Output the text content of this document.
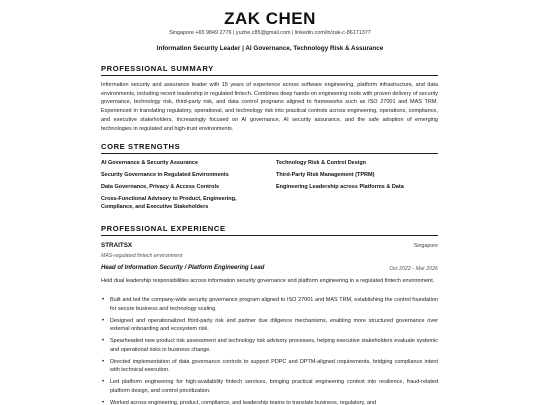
ZAK CHEN
Singapore +65 9849 2776 | yuzhe.c85@gmail.com | linkedin.com/in/zak-c-86171377
Information Security Leader | AI Governance, Technology Risk & Assurance
PROFESSIONAL SUMMARY
Information security and assurance leader with 15 years of experience across software engineering, platform infrastructure, and data environments, including recent leadership in regulated fintech. Combines deep hands-on engineering roots with proven delivery of security governance, technology risk, third-party risk, and data control programs aligned to frameworks such as ISO 27001 and MAS TRM. Experienced in translating regulatory, operational, and technology risk into practical controls across engineering, operations, compliance, and executive stakeholders. Increasingly focused on AI governance, AI security assurance, and the safe adoption of emerging technologies in regulated and high-trust environments.
CORE STRENGTHS
AI Governance & Security Assurance
Security Governance in Regulated Environments
Data Governance, Privacy & Access Controls
Cross-Functional Advisory to Product, Engineering, Compliance, and Executive Stakeholders
Technology Risk & Control Design
Third-Party Risk Management (TPRM)
Engineering Leadership across Platforms & Data
PROFESSIONAL EXPERIENCE
STRAITSX	Singapore
MAS-regulated fintech environment
Head of Information Security / Platform Engineering Lead	Oct 2022 - Mar 2026
Held dual leadership responsibilities across information security governance and platform engineering in a regulated fintech environment.
• Built and led the company-wide security governance program aligned to ISO 27001 and MAS TRM, establishing the control foundation for secure business and technology scaling.
• Designed and operationalized third-party risk and partner due diligence mechanisms, enabling more structured governance over external onboarding and ecosystem risk.
• Spearheaded new product risk assessment and technology risk advisory processes, helping executive stakeholders evaluate systemic and operational risks in business change.
• Directed implementation of data governance controls to support PDPC and DPTM-aligned requirements, bridging compliance intent with technical execution.
• Led platform engineering for high-availability fintech services, bringing practical engineering context into resilience, fraud-related platform design, and control prioritization.
• Worked across engineering, product, compliance, and leadership teams to translate business, regulatory, and
